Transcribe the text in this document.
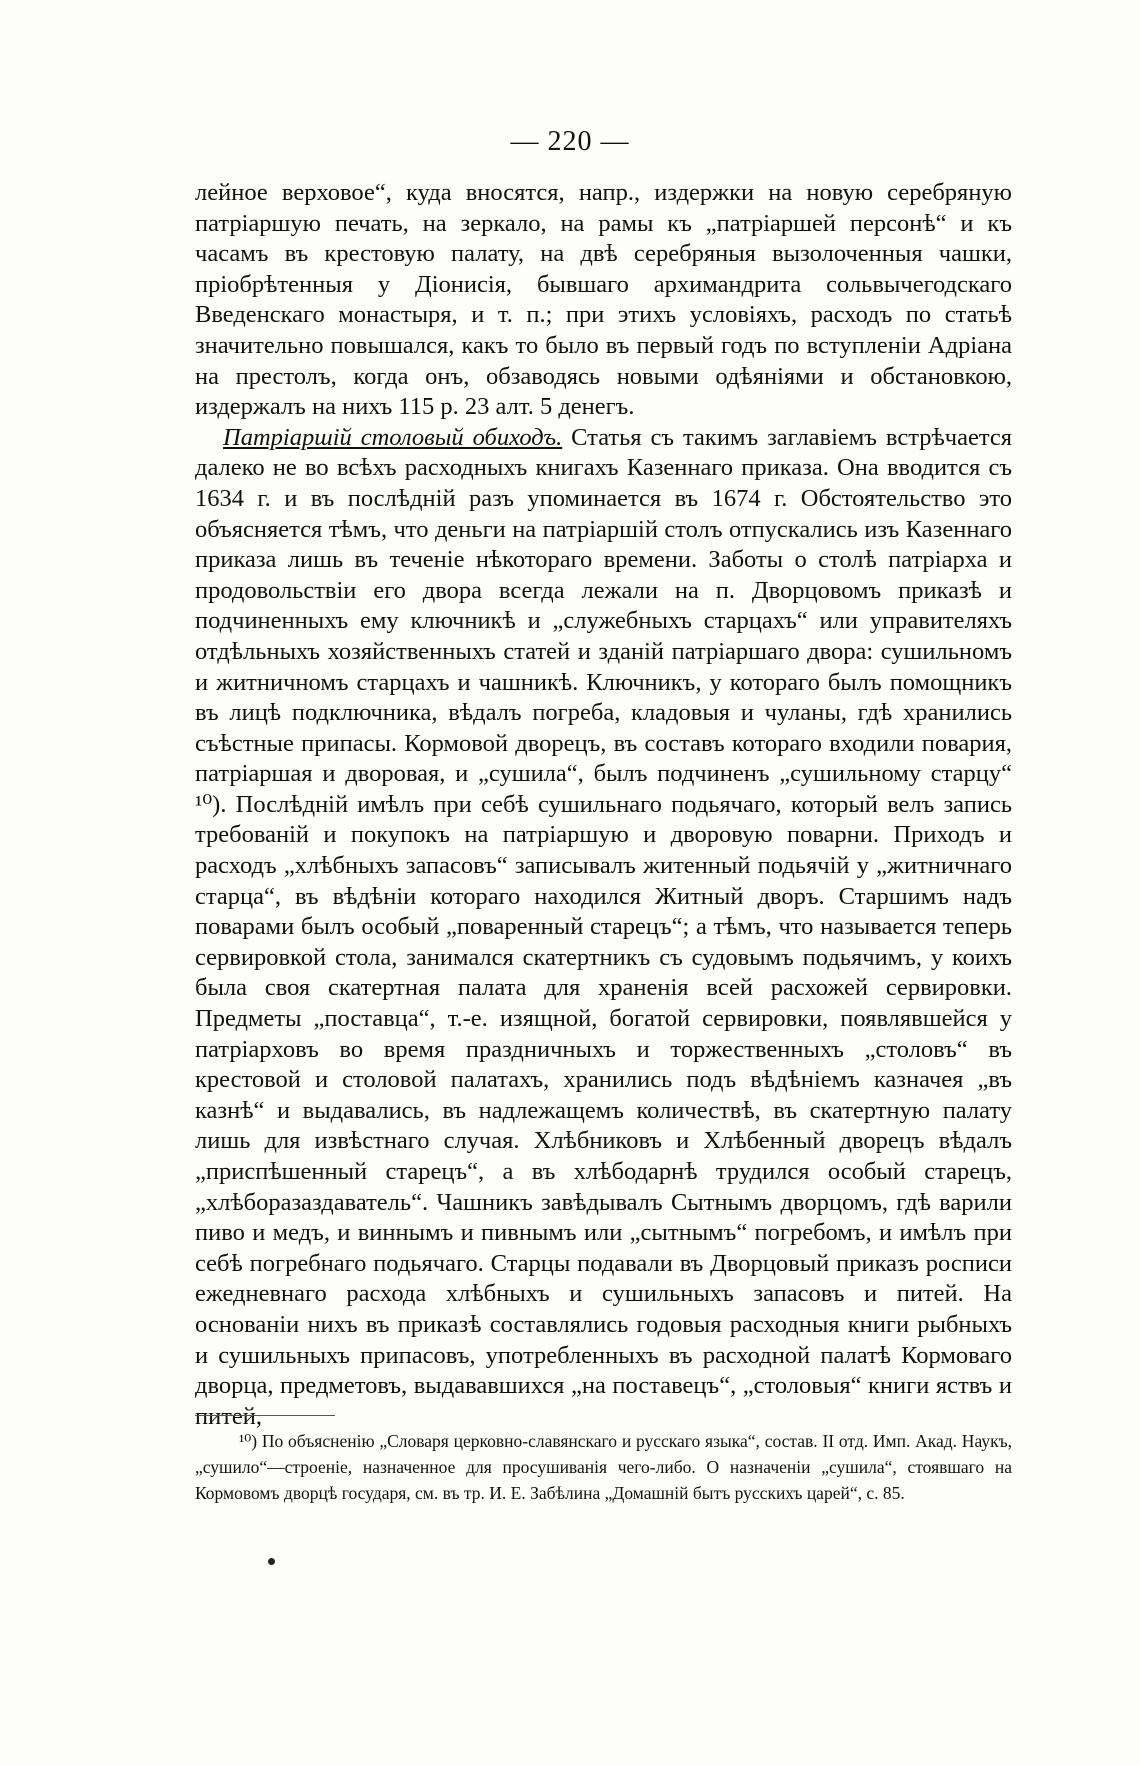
— 220 —

лейное верховое“, куда вносятся, напр., издержки на новую серебряную патріаршую печать, на зеркало, на рамы къ „патріаршей персонѣ“ и къ часамъ въ крестовую палату, на двѣ серебряныя вызолоченныя чашки, пріобрѣтенныя у Діонисія, бывшаго архимандрита сольвычегодскаго Введенскаго монастыря, и т. п.; при этихъ условіяхъ, расходъ по статьѣ значительно повышался, какъ то было въ первый годъ по вступленіи Адріана на престолъ, когда онъ, обзаводясь новыми одѣяніями и обстановкою, издержалъ на нихъ 115 р. 23 алт. 5 денегъ.

Патріаршій столовый обиходъ. Статья съ такимъ заглавіемъ встрѣчается далеко не во всѣхъ расходныхъ книгахъ Казеннаго приказа. Она вводится съ 1634 г. и въ послѣдній разъ упоминается въ 1674 г. Обстоятельство это объясняется тѣмъ, что деньги на патріаршій столъ отпускались изъ Казеннаго приказа лишь въ теченіе нѣкотораго времени. Заботы о столѣ патріарха и продовольствіи его двора всегда лежали на п. Дворцовомъ приказѣ и подчиненныхъ ему ключникѣ и „служебныхъ старцахъ“ или управителяхъ отдѣльныхъ хозяйственныхъ статей и зданій патріаршаго двора: сушильномъ и житничномъ старцахъ и чашникѣ. Ключникъ, у котораго былъ помощникъ въ лицѣ подключника, вѣдалъ погреба, кладовыя и чуланы, гдѣ хранились съѣстные припасы. Кормовой дворецъ, въ составъ котораго входили повария, патріаршая и дворовая, и „сушила“, былъ подчиненъ „сушильному старцу“ ¹⁰). Послѣдній имѣлъ при себѣ сушильнаго подьячаго, который велъ запись требованій и покупокъ на патріаршую и дворовую поварни. Приходъ и расходъ „хлѣбныхъ запасовъ“ записывалъ житенный подьячій у „житничнаго старца“, въ вѣдѣніи котораго находился Житный дворъ. Старшимъ надъ поварами былъ особый „поваренный старецъ“; а тѣмъ, что называется теперь сервировкой стола, занимался скатертникъ съ судовымъ подьячимъ, у коихъ была своя скатертная палата для храненія всей расхожей сервировки. Предметы „поставца“, т.-е. изящной, богатой сервировки, появлявшейся у патріарховъ во время праздничныхъ и торжественныхъ „столовъ“ въ крестовой и столовой палатахъ, хранились подъ вѣдѣніемъ казначея „въ казнѣ“ и выдавались, въ надлежащемъ количествѣ, въ скатертную палату лишь для извѣстнаго случая. Хлѣбниковъ и Хлѣбенный дворецъ вѣдалъ „приспѣшенный старецъ“, а въ хлѣбодарнѣ трудился особый старецъ, „хлѣборазаздаватель“. Чашникъ завѣдывалъ Сытнымъ дворцомъ, гдѣ варили пиво и медъ, и виннымъ и пивнымъ или „сытнымъ“ погребомъ, и имѣлъ при себѣ погребнаго подьячаго. Старцы подавали въ Дворцовый приказъ росписи ежедневнаго расхода хлѣбныхъ и сушильныхъ запасовъ и питей. На основаніи нихъ въ приказѣ составлялись годовыя расходныя книги рыбныхъ и сушильныхъ припасовъ, употребленныхъ въ расходной палатѣ Кормоваго дворца, предметовъ, выдававшихся „на поставецъ“, „столовыя“ книги яствъ и питей,

¹⁰) По объясненію „Словаря церковно-славянскаго и русскаго языка“, состав. II отд. Имп. Акад. Наукъ, „сушило“—строеніе, назначенное для просушиванія чего-либо. О назначеніи „сушила“, стоявшаго на Кормовомъ дворцѣ государя, см. въ тр. И. Е. Забѣлина „Домашній бытъ русскихъ царей“, с. 85.
